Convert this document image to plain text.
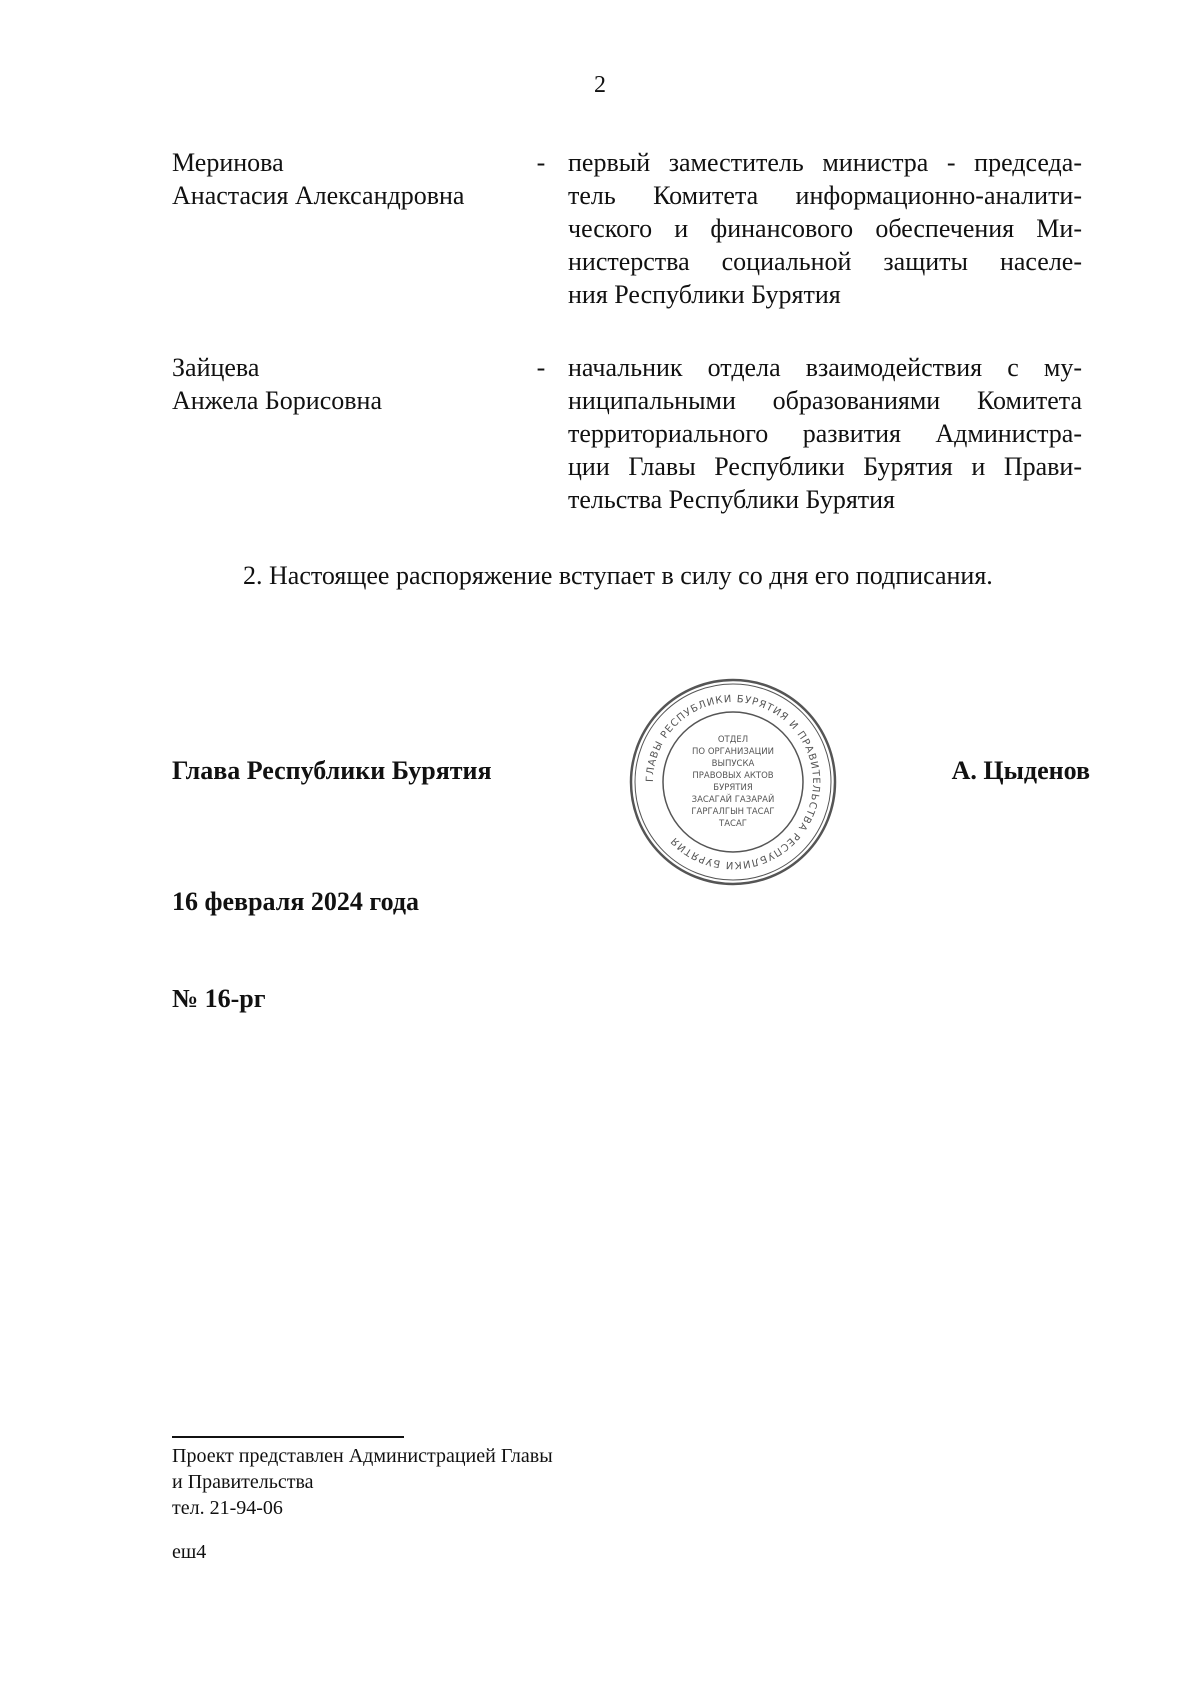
2
Меринова
Анастасия Александровна
- первый заместитель министра - председа-
тель Комитета информационно-аналити-
ческого и финансового обеспечения Ми-
нистерства социальной защиты населе-
ния Республики Бурятия
Зайцева
Анжела Борисовна
- начальник отдела взаимодействия с му-
ниципальными образованиями Комитета
территориального развития Администра-
ции Главы Республики Бурятия и Прави-
тельства Республики Бурятия
2. Настоящее распоряжение вступает в силу со дня его подписания.
Глава Республики Бурятия	А. Цыденов
ГЛАВЫ РЕСПУБЛИКИ БУРЯТИЯ И ПРАВИТЕЛЬСТВА РЕСПУБЛИКИ БУРЯТИЯ
ОТДЕЛ
ПО ОРГАНИЗАЦИИ
ВЫПУСКА
ПРАВОВЫХ АКТОВ
БУРЯТИЯ
ЗАСАГАЙ ГАЗАРАЙ
ГАРГАЛГЫН ТАСАГ
ТАСАГ
16 февраля 2024 года
№ 16-рг
Проект представлен Администрацией Главы
и Правительства
тел. 21-94-06
еш4
